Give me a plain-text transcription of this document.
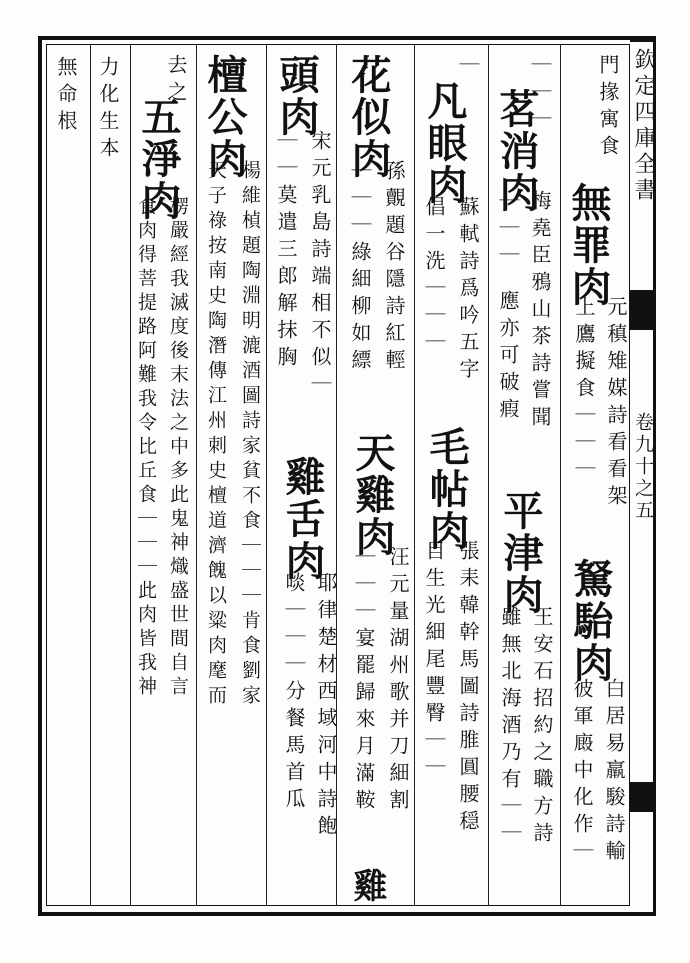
欽定四庫全書
卷九十之五
門掾寓食
無罪肉
元稹雉媒詩看看架
上鷹擬食｜｜｜
駑駘肉
白居易羸駿詩輸
彼軍廄中化作｜
｜｜｜
茗消肉
梅堯臣鴉山茶詩嘗聞
｜｜｜
應亦可破瘕
平津肉
王安石招約之職方詩
雖無北海酒乃有｜｜
｜
凡眼肉
蘇軾詩爲吟五字
倡一洗｜｜｜
毛帖肉
張耒韓幹馬圖詩脽圓腰穏
目生光細尾豐臀｜｜
花似肉
孫覿題谷隱詩紅輕
｜｜｜綠細柳如縹
天雞肉
汪元量湖州歌并刀細割
｜｜｜宴罷歸來月滿鞍
雞
頭肉
宋元乳島詩端相不似｜
｜｜莫遣三郎解抹胸
雞舌肉
耶律楚材西域河中詩飽
啖｜｜｜分餐馬首瓜
檀公肉
楊維楨題陶淵明漉酒圖詩家貧不食｜｜｜肯食劉家
天子祿按南史陶潛傳江州刺史檀道濟餽以粱肉麾而
去之
五淨肉
楞嚴經我滅度後末法之中多此鬼神熾盛世間自言
食肉得菩提路阿難我令比丘食｜｜｜此肉皆我神
力化生本
無命根
